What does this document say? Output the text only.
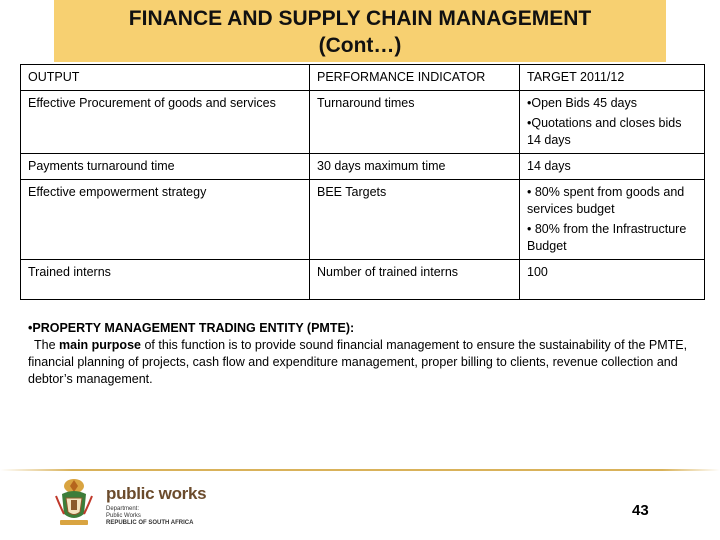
FINANCE AND SUPPLY CHAIN MANAGEMENT
(Cont…)
OUTPUT	PERFORMANCE INDICATOR	TARGET 2011/12
Effective Procurement of goods and services	Turnaround times	•Open Bids 45 days
•Quotations and closes bids 14 days

Payments turnaround time	30 days maximum time	14 days

Effective empowerment strategy	BEE Targets	• 80% spent from goods and services budget
• 80% from the Infrastructure Budget

Trained interns	Number of trained interns	100
•PROPERTY MANAGEMENT TRADING ENTITY (PMTE):
The main purpose of this function is to provide sound financial management to ensure the sustainability of the PMTE, financial planning of projects, cash flow and expenditure management, proper billing to clients, revenue collection and debtor’s management.
public works
Department:
Public Works
REPUBLIC OF SOUTH AFRICA
43
